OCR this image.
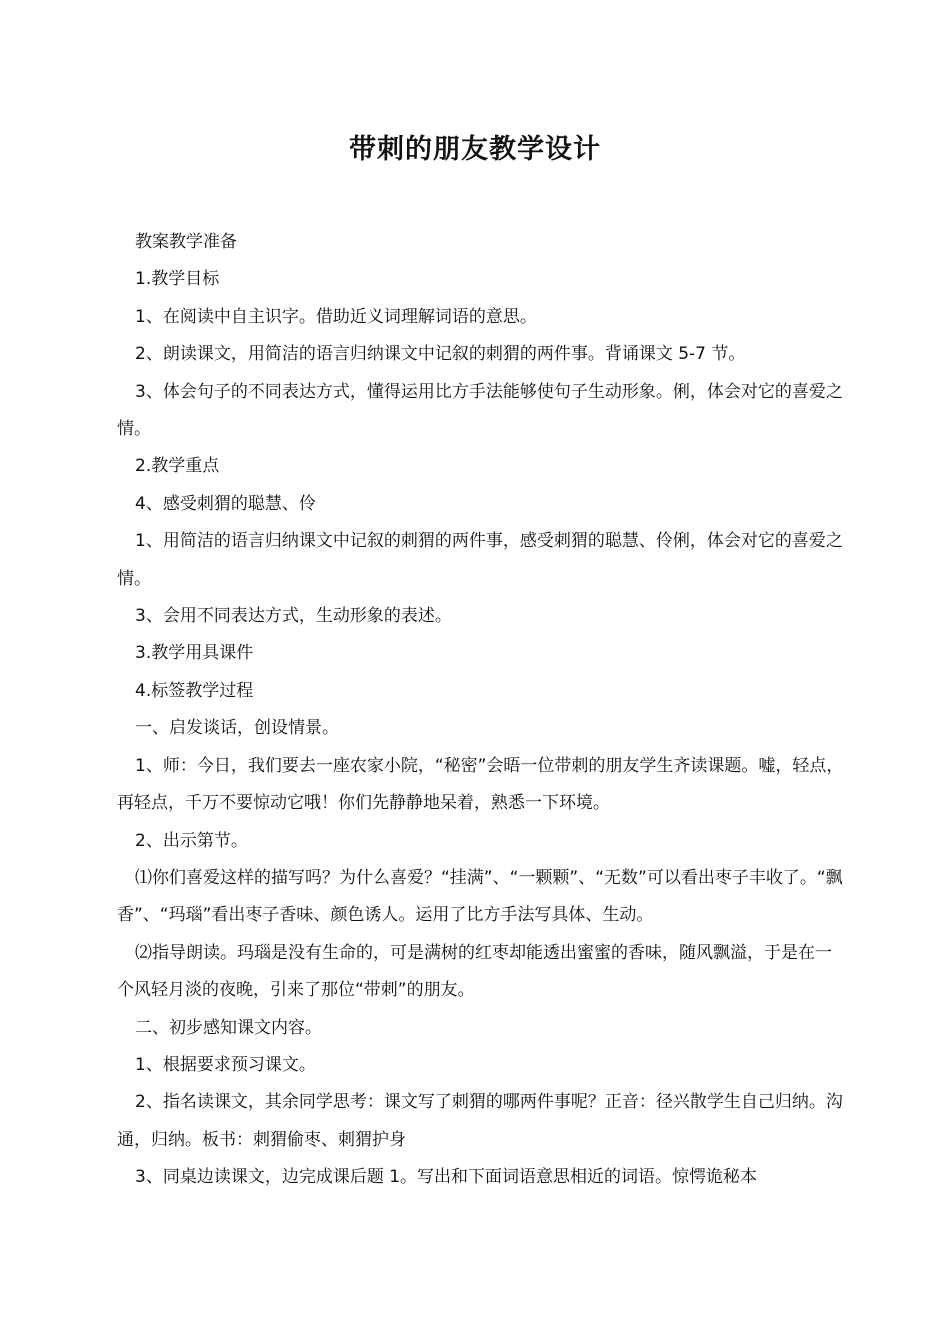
带刺的朋友教学设计

教案教学准备

1.教学目标

1、在阅读中自主识字。借助近义词理解词语的意思。

2、朗读课文，用简洁的语言归纳课文中记叙的刺猬的两件事。背诵课文 5-7 节。

3、体会句子的不同表达方式，懂得运用比方手法能够使句子生动形象。俐，体会对它的喜爱之情。

2.教学重点

4、感受刺猬的聪慧、伶

1、用简洁的语言归纳课文中记叙的刺猬的两件事，感受刺猬的聪慧、伶俐，体会对它的喜爱之情。

3、会用不同表达方式，生动形象的表述。

3.教学用具课件

4.标签教学过程

一、启发谈话，创设情景。

1、师：今日，我们要去一座农家小院，“秘密”会晤一位带刺的朋友学生齐读课题。嘘，轻点，再轻点，千万不要惊动它哦！你们先静静地呆着，熟悉一下环境。

2、出示第节。

⑴你们喜爱这样的描写吗？为什么喜爱？“挂满”、“一颗颗”、“无数”可以看出枣子丰收了。“飘香”、“玛瑙”看出枣子香味、颜色诱人。运用了比方手法写具体、生动。

⑵指导朗读。玛瑙是没有生命的，可是满树的红枣却能透出蜜蜜的香味，随风飘溢，于是在一个风轻月淡的夜晚，引来了那位“带刺”的朋友。

二、初步感知课文内容。

1、根据要求预习课文。

2、指名读课文，其余同学思考：课文写了刺猬的哪两件事呢？正音：径兴散学生自己归纳。沟通，归纳。板书：刺猬偷枣、刺猬护身

3、同桌边读课文，边完成课后题 1。写出和下面词语意思相近的词语。惊愕诡秘本
